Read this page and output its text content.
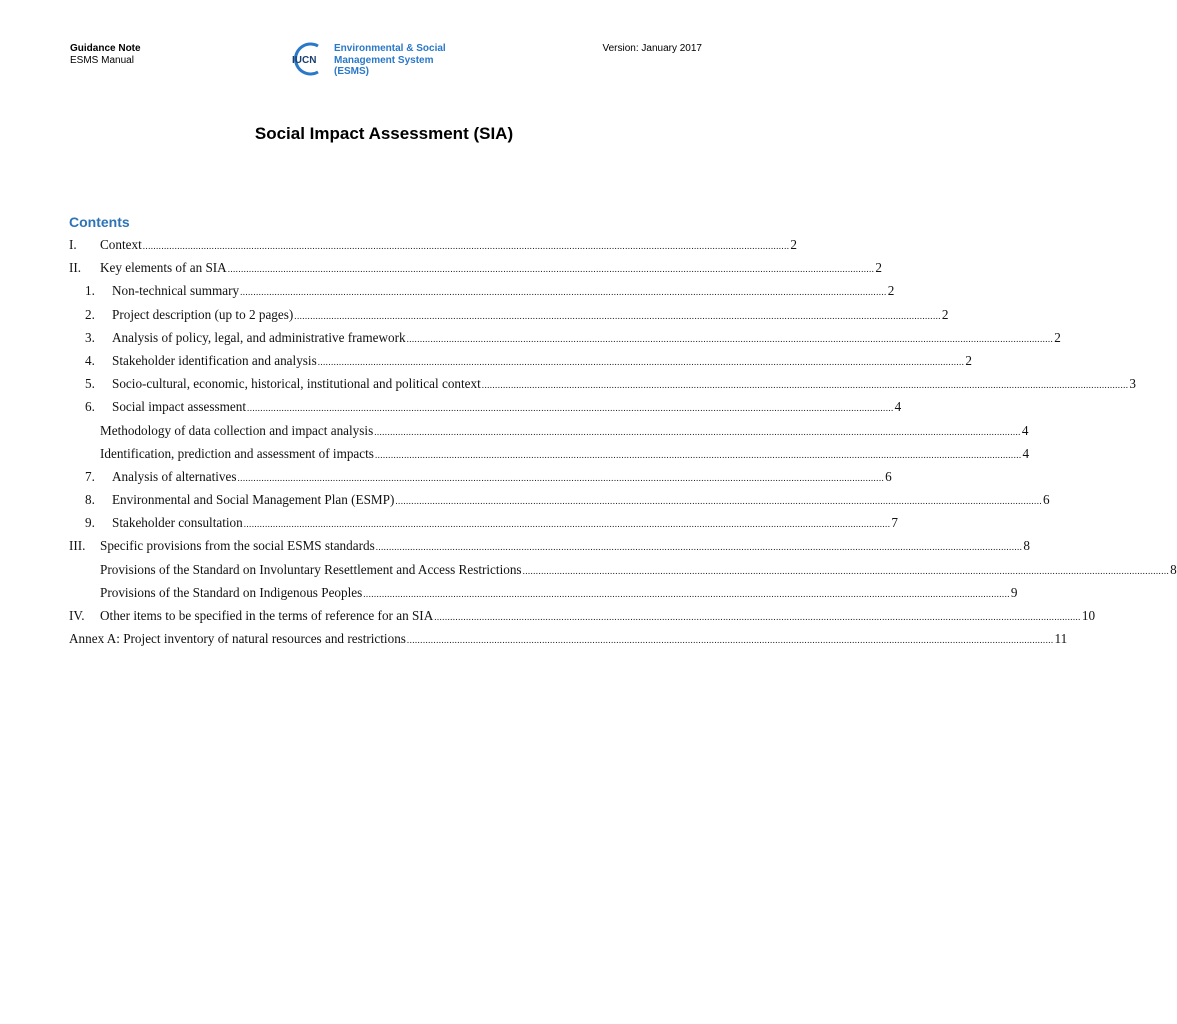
Guidance Note
ESMS Manual	IUCN
Environmental & Social
Management System
(ESMS)
Version: January 2017
Social Impact Assessment (SIA)
Contents
I.	Context .................................................................................................................................................................................................................................................... 2
II.	Key elements of an SIA .................................................................................................................................................................................................................................................... 2
1.	Non-technical summary .................................................................................................................................................................................................................................................... 2
2.	Project description (up to 2 pages) .................................................................................................................................................................................................................................................... 2
3.	Analysis of policy, legal, and administrative framework .................................................................................................................................................................................................................................................... 2
4.	Stakeholder identification and analysis .................................................................................................................................................................................................................................................... 2
5.	Socio-cultural, economic, historical, institutional and political context .................................................................................................................................................................................................................................................... 3
6.	Social impact assessment .................................................................................................................................................................................................................................................... 4
Methodology of data collection and impact analysis .................................................................................................................................................................................................................................................... 4
Identification, prediction and assessment of impacts .................................................................................................................................................................................................................................................... 4
7.	Analysis of alternatives .................................................................................................................................................................................................................................................... 6
8.	Environmental and Social Management Plan (ESMP) .................................................................................................................................................................................................................................................... 6
9.	Stakeholder consultation .................................................................................................................................................................................................................................................... 7
III.	Specific provisions from the social ESMS standards .................................................................................................................................................................................................................................................... 8
Provisions of the Standard on Involuntary Resettlement and Access Restrictions .................................................................................................................................................................................................................................................... 8
Provisions of the Standard on Indigenous Peoples .................................................................................................................................................................................................................................................... 9
IV.	Other items to be specified in the terms of reference for an SIA .................................................................................................................................................................................................................................................... 10
Annex A: Project inventory of natural resources and restrictions .................................................................................................................................................................................................................................................... 11
